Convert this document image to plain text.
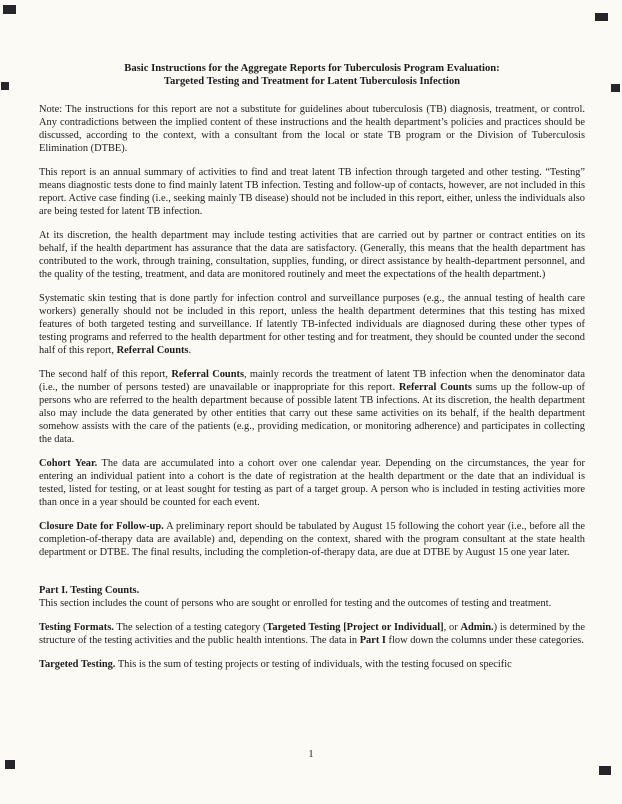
Basic Instructions for the Aggregate Reports for Tuberculosis Program Evaluation:
Targeted Testing and Treatment for Latent Tuberculosis Infection

Note: The instructions for this report are not a substitute for guidelines about tuberculosis (TB) diagnosis, treatment, or control. Any contradictions between the implied content of these instructions and the health department’s policies and practices should be discussed, according to the context, with a consultant from the local or state TB program or the Division of Tuberculosis Elimination (DTBE).

This report is an annual summary of activities to find and treat latent TB infection through targeted and other testing. “Testing” means diagnostic tests done to find mainly latent TB infection. Testing and follow-up of contacts, however, are not included in this report. Active case finding (i.e., seeking mainly TB disease) should not be included in this report, either, unless the individuals also are being tested for latent TB infection.

At its discretion, the health department may include testing activities that are carried out by partner or contract entities on its behalf, if the health department has assurance that the data are satisfactory. (Generally, this means that the health department has contributed to the work, through training, consultation, supplies, funding, or direct assistance by health-department personnel, and the quality of the testing, treatment, and data are monitored routinely and meet the expectations of the health department.)

Systematic skin testing that is done partly for infection control and surveillance purposes (e.g., the annual testing of health care workers) generally should not be included in this report, unless the health department determines that this testing has mixed features of both targeted testing and surveillance. If latently TB-infected individuals are diagnosed during these other types of testing programs and referred to the health department for other testing and for treatment, they should be counted under the second half of this report, Referral Counts.

The second half of this report, Referral Counts, mainly records the treatment of latent TB infection when the denominator data (i.e., the number of persons tested) are unavailable or inappropriate for this report. Referral Counts sums up the follow-up of persons who are referred to the health department because of possible latent TB infections. At its discretion, the health department also may include the data generated by other entities that carry out these same activities on its behalf, if the health department somehow assists with the care of the patients (e.g., providing medication, or monitoring adherence) and participates in collecting the data.

Cohort Year. The data are accumulated into a cohort over one calendar year. Depending on the circumstances, the year for entering an individual patient into a cohort is the date of registration at the health department or the date that an individual is tested, listed for testing, or at least sought for testing as part of a target group. A person who is included in testing activities more than once in a year should be counted for each event.

Closure Date for Follow-up. A preliminary report should be tabulated by August 15 following the cohort year (i.e., before all the completion-of-therapy data are available) and, depending on the context, shared with the program consultant at the state health department or DTBE. The final results, including the completion-of-therapy data, are due at DTBE by August 15 one year later.

Part I. Testing Counts.

This section includes the count of persons who are sought or enrolled for testing and the outcomes of testing and treatment.

Testing Formats. The selection of a testing category (Targeted Testing [Project or Individual], or Admin.) is determined by the structure of the testing activities and the public health intentions. The data in Part I flow down the columns under these categories.

Targeted Testing. This is the sum of testing projects or testing of individuals, with the testing focused on specific

1
